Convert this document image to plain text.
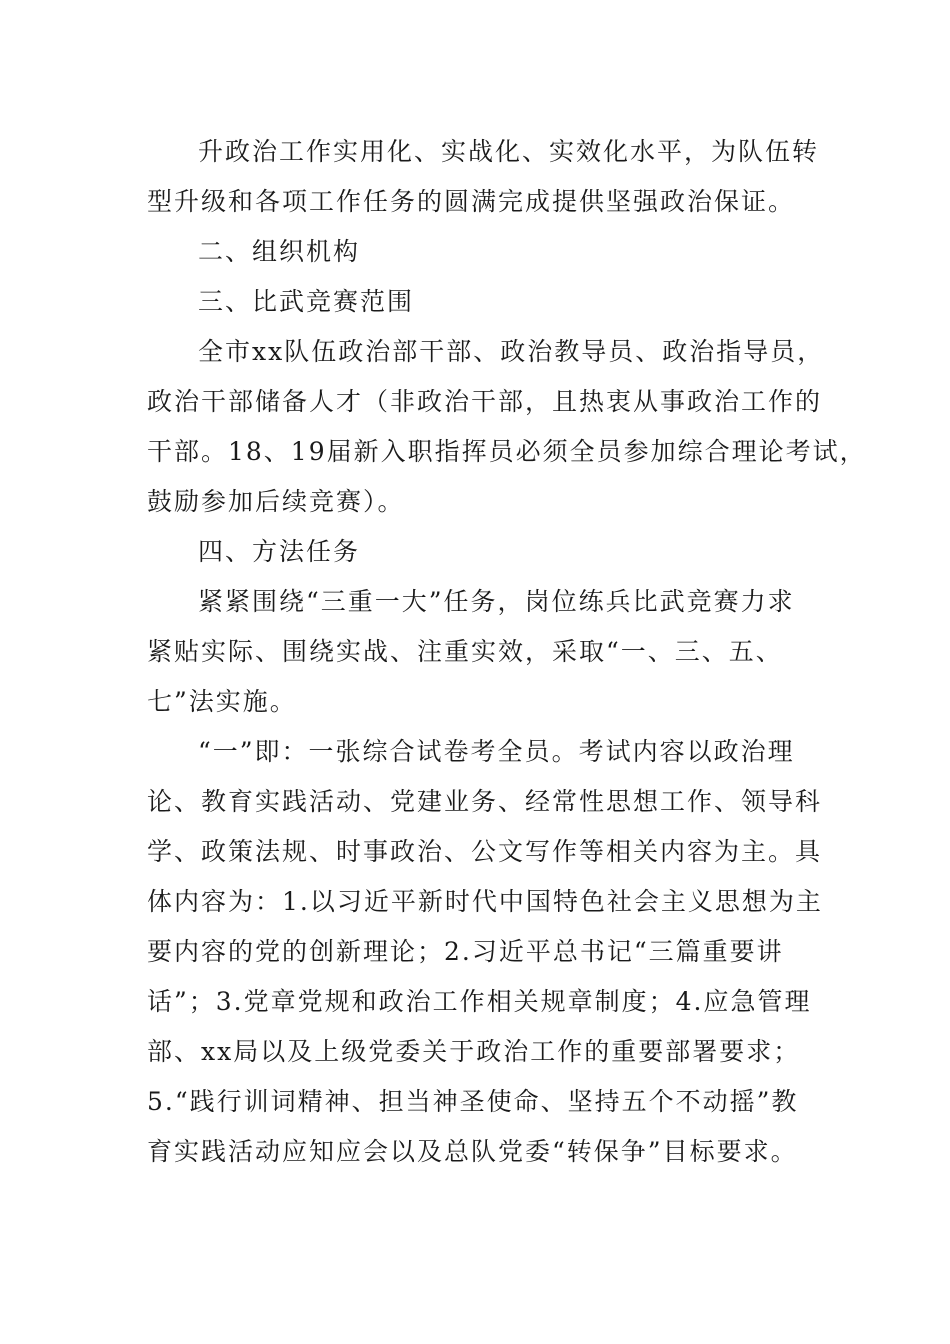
升政治工作实用化、实战化、实效化水平，为队伍转
型升级和各项工作任务的圆满完成提供坚强政治保证。
二、组织机构
三、比武竞赛范围
全市xx队伍政治部干部、政治教导员、政治指导员，
政治干部储备人才（非政治干部，且热衷从事政治工作的
干部。18、19届新入职指挥员必须全员参加综合理论考试，
鼓励参加后续竞赛）。
四、方法任务
紧紧围绕“三重一大”任务，岗位练兵比武竞赛力求
紧贴实际、围绕实战、注重实效，采取“一、三、五、
七”法实施。
“一”即：一张综合试卷考全员。考试内容以政治理
论、教育实践活动、党建业务、经常性思想工作、领导科
学、政策法规、时事政治、公文写作等相关内容为主。具
体内容为：1.以习近平新时代中国特色社会主义思想为主
要内容的党的创新理论；2.习近平总书记“三篇重要讲
话”；3.党章党规和政治工作相关规章制度；4.应急管理
部、xx局以及上级党委关于政治工作的重要部署要求；
5.“践行训词精神、担当神圣使命、坚持五个不动摇”教
育实践活动应知应会以及总队党委“转保争”目标要求。
